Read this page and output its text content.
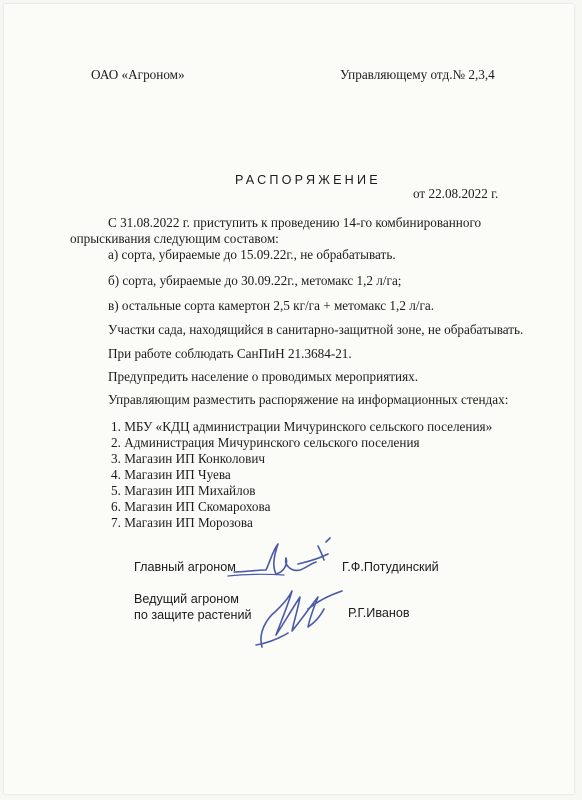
ОАО «Агроном»	Управляющему отд.№ 2,3,4
РАСПОРЯЖЕНИЕ
от 22.08.2022 г.
С 31.08.2022 г. приступить к проведению 14-го комбинированного
опрыскивания следующим составом:
а) сорта, убираемые до 15.09.22г., не обрабатывать.
б) сорта, убираемые до 30.09.22г., метомакс 1,2 л/га;
в) остальные сорта камертон 2,5 кг/га + метомакс 1,2 л/га.
Участки сада, находящийся в санитарно-защитной зоне, не обрабатывать.
При работе соблюдать СанПиН 21.3684-21.
Предупредить население о проводимых мероприятиях.
Управляющим разместить распоряжение на информационных стендах:
1. МБУ «КДЦ администрации Мичуринского сельского поселения»
2. Администрация Мичуринского сельского поселения
3. Магазин ИП Конколович
4. Магазин ИП Чуева
5. Магазин ИП Михайлов
6. Магазин ИП Скомарохова
7. Магазин ИП Морозова
Главный агроном	Г.Ф.Потудинский
Ведущий агроном
по защите растений	Р.Г.Иванов
